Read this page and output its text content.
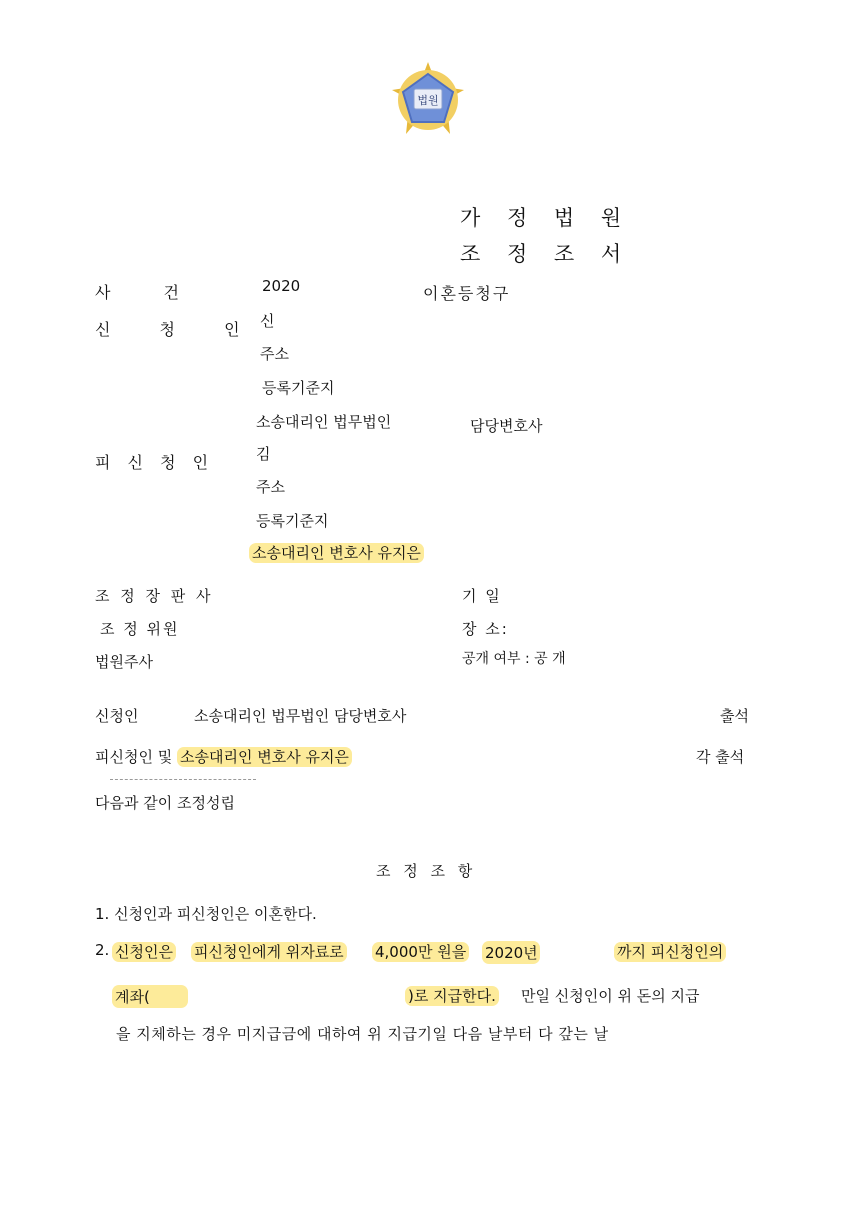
법원
가 정 법 원
조 정 조 서
사 건	2020	이혼등청구
신 청 인
신
주소
등록기준지
소송대리인 법무법인	담당변호사
피 신 청 인	김
주소
등록기준지
소송대리인 변호사 유지은
조 정 장 판 사
조 정 위원
법원주사
기 일
장 소:
공개 여부 : 공 개
신청인	소송대리인 법무법인 담당변호사	출석
피신청인 및 소송대리인 변호사 유지은	각 출석
다음과 같이 조정성립
조 정 조 항
1. 신청인과 피신청인은 이혼한다.
2. 신청인은 피신청인에게 위자료로 4,000만 원을 2020년	까지 피신청인의
계좌(	)로 지급한다. 만일 신청인이 위 돈의 지급
을 지체하는 경우 미지급금에 대하여 위 지급기일 다음 날부터 다 갚는 날
